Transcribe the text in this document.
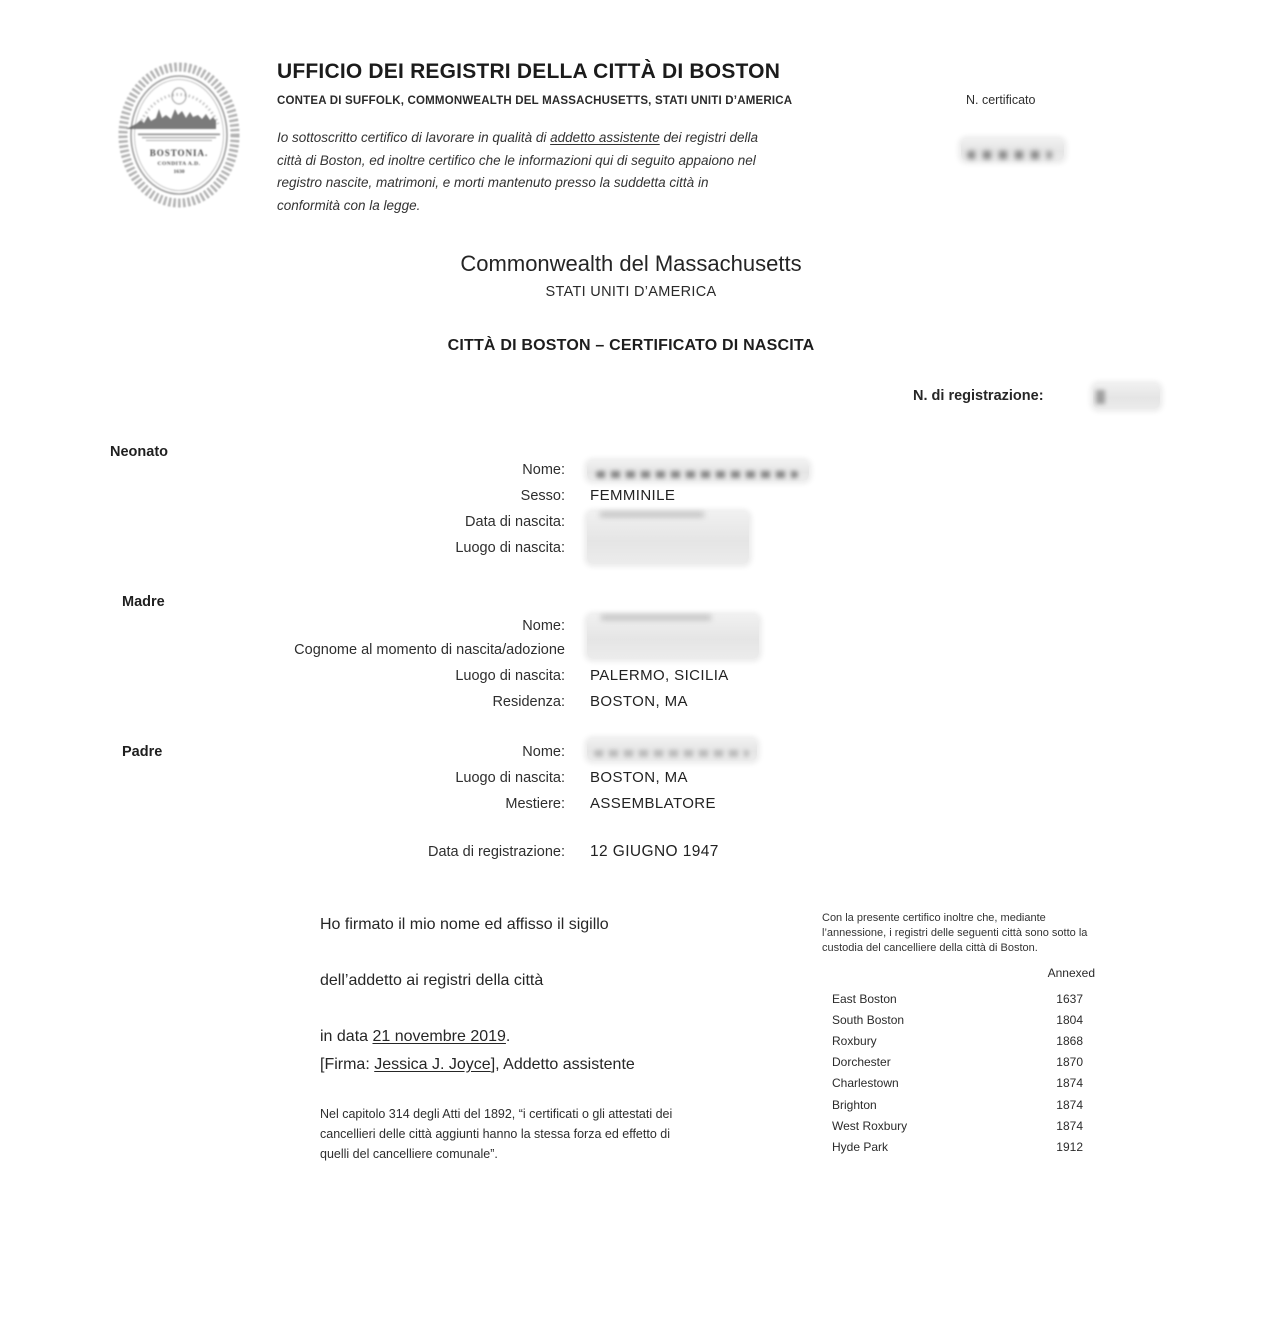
BOSTONIA.
CONDITA A.D.
1630
UFFICIO DEI REGISTRI DELLA CITTÀ DI BOSTON
CONTEA DI SUFFOLK, COMMONWEALTH DEL MASSACHUSETTS, STATI UNITI D’AMERICA
Io sottoscritto certifico di lavorare in qualità di addetto assistente dei registri della
città di Boston, ed inoltre certifico che le informazioni qui di seguito appaiono nel
registro nascite, matrimoni, e morti mantenuto presso la suddetta città in
conformità con la legge.
N. certificato
Commonwealth del Massachusetts
STATI UNITI D’AMERICA
CITTÀ DI BOSTON – CERTIFICATO DI NASCITA
N. di registrazione:
Neonato
Nome:
Sesso: FEMMINILE
Data di nascita:
Luogo di nascita:
Madre
Nome:
Cognome al momento di nascita/adozione
Luogo di nascita: PALERMO, SICILIA
Residenza: BOSTON, MA
Padre	Nome:
Luogo di nascita: BOSTON, MA
Mestiere: ASSEMBLATORE
Data di registrazione: 12 GIUGNO 1947
Ho firmato il mio nome ed affisso il sigillo
dell’addetto ai registri della città
in data 21 novembre 2019.
[Firma: Jessica J. Joyce], Addetto assistente
Nel capitolo 314 degli Atti del 1892, “i certificati o gli attestati dei
cancellieri delle città aggiunti hanno la stessa forza ed effetto di
quelli del cancelliere comunale”.
Con la presente certifico inoltre che, mediante
l’annessione, i registri delle seguenti città sono sotto la
custodia del cancelliere della città di Boston.
Annexed
East Boston	1637
South Boston	1804
Roxbury	1868
Dorchester	1870
Charlestown	1874
Brighton	1874
West Roxbury	1874
Hyde Park	1912
